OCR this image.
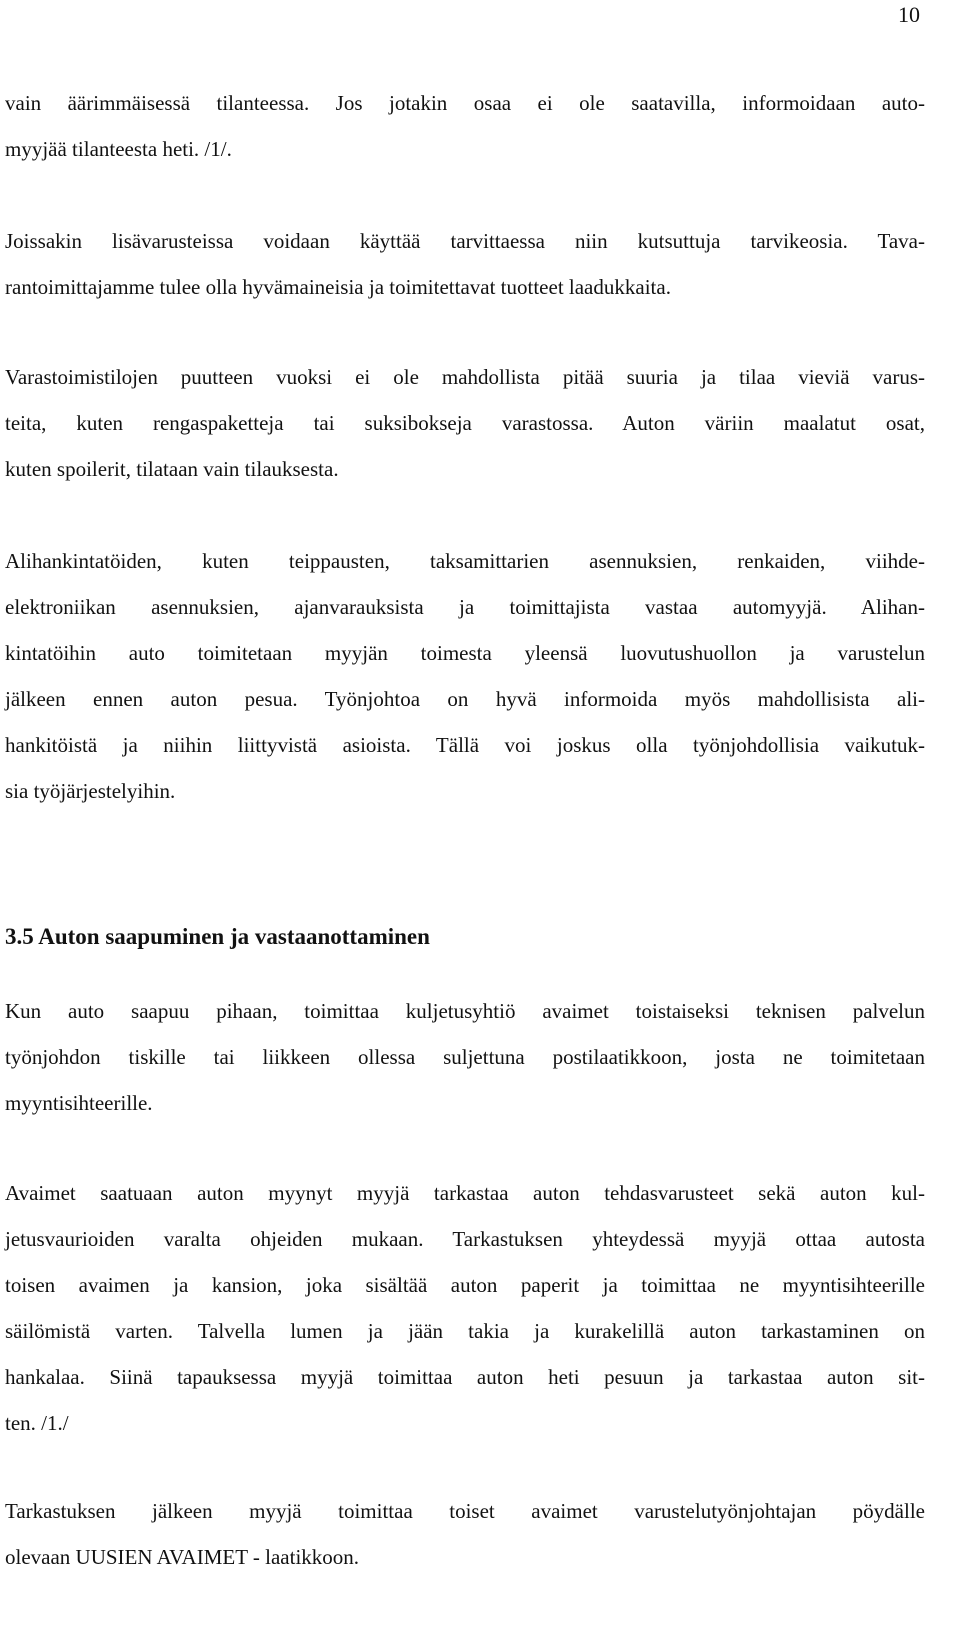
10

vain äärimmäisessä tilanteessa. Jos jotakin osaa ei ole saatavilla, informoidaan auto-
myyjää tilanteesta heti. /1/.

Joissakin lisävarusteissa voidaan käyttää tarvittaessa niin kutsuttuja tarvikeosia. Tava-
rantoimittajamme tulee olla hyvämaineisia ja toimitettavat tuotteet laadukkaita.

Varastoimistilojen puutteen vuoksi ei ole mahdollista pitää suuria ja tilaa vieviä varus-
teita, kuten rengaspaketteja tai suksibokseja varastossa. Auton väriin maalatut osat,
kuten spoilerit, tilataan vain tilauksesta.

Alihankintatöiden, kuten teippausten, taksamittarien asennuksien, renkaiden, viihde-
elektroniikan asennuksien, ajanvarauksista ja toimittajista vastaa automyyjä. Alihan-
kintatöihin auto toimitetaan myyjän toimesta yleensä luovutushuollon ja varustelun
jälkeen ennen auton pesua. Työnjohtoa on hyvä informoida myös mahdollisista ali-
hankitöistä ja niihin liittyvistä asioista. Tällä voi joskus olla työnjohdollisia vaikutuk-
sia työjärjestelyihin.

3.5 Auton saapuminen ja vastaanottaminen

Kun auto saapuu pihaan, toimittaa kuljetusyhtiö avaimet toistaiseksi teknisen palvelun
työnjohdon tiskille tai liikkeen ollessa suljettuna postilaatikkoon, josta ne toimitetaan
myyntisihteerille.

Avaimet saatuaan auton myynyt myyjä tarkastaa auton tehdasvarusteet sekä auton kul-
jetusvaurioiden varalta ohjeiden mukaan. Tarkastuksen yhteydessä myyjä ottaa autosta
toisen avaimen ja kansion, joka sisältää auton paperit ja toimittaa ne myyntisihteerille
säilömistä varten. Talvella lumen ja jään takia ja kurakelillä auton tarkastaminen on
hankalaa. Siinä tapauksessa myyjä toimittaa auton heti pesuun ja tarkastaa auton sit-
ten. /1./

Tarkastuksen jälkeen myyjä toimittaa toiset avaimet varustelutyönjohtajan pöydälle
olevaan UUSIEN AVAIMET - laatikkoon.
